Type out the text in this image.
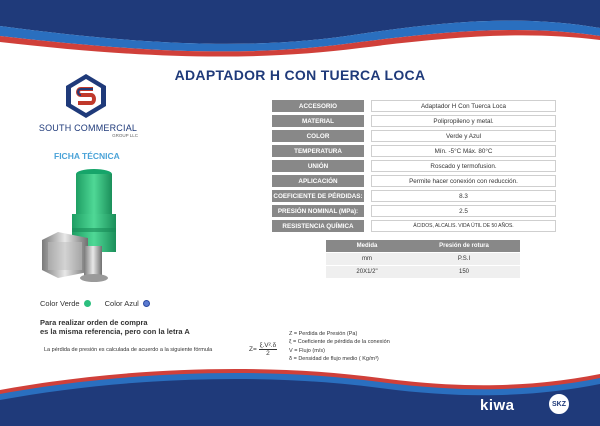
ADAPTADOR H CON TUERCA LOCA
SOUTH COMMERCIAL
GROUP LLC
FICHA TÉCNICA
ACCESORIO		Adaptador H Con Tuerca Loca
MATERIAL		Polipropileno y metal.
COLOR		Verde y Azul
TEMPERATURA		Mín. -5°C Máx. 80°C
UNIÓN		Roscado y termofusion.
APLICACIÓN		Permite hacer conexión con reducción.
COEFICIENTE DE PÉRDIDAS:		8.3
PRESIÓN NOMINAL (MPa):		2.5
RESISTENCIA QUÍMICA		ÁCIDOS, ALCALIS. VIDA ÚTIL DE 50 AÑOS.
Medida	Presión de rotura
mm	P.S.I
20X1/2"	150
Color Verde	Color Azul
Para realizar orden de compra
es la misma referencia, pero con la letra A
La pérdida de presión es calculada de acuerdo a la siguiente fórmula	$Z= \frac{\text{ξ.V².δ}}{2}$
Z = Perdida de Presión (Pa)
ξ = Coeficiente de pérdida de la conexión
V = Flujo (m/s)
δ = Densidad de flujo medio ( Kg/m³)
kiwa	SKZ
